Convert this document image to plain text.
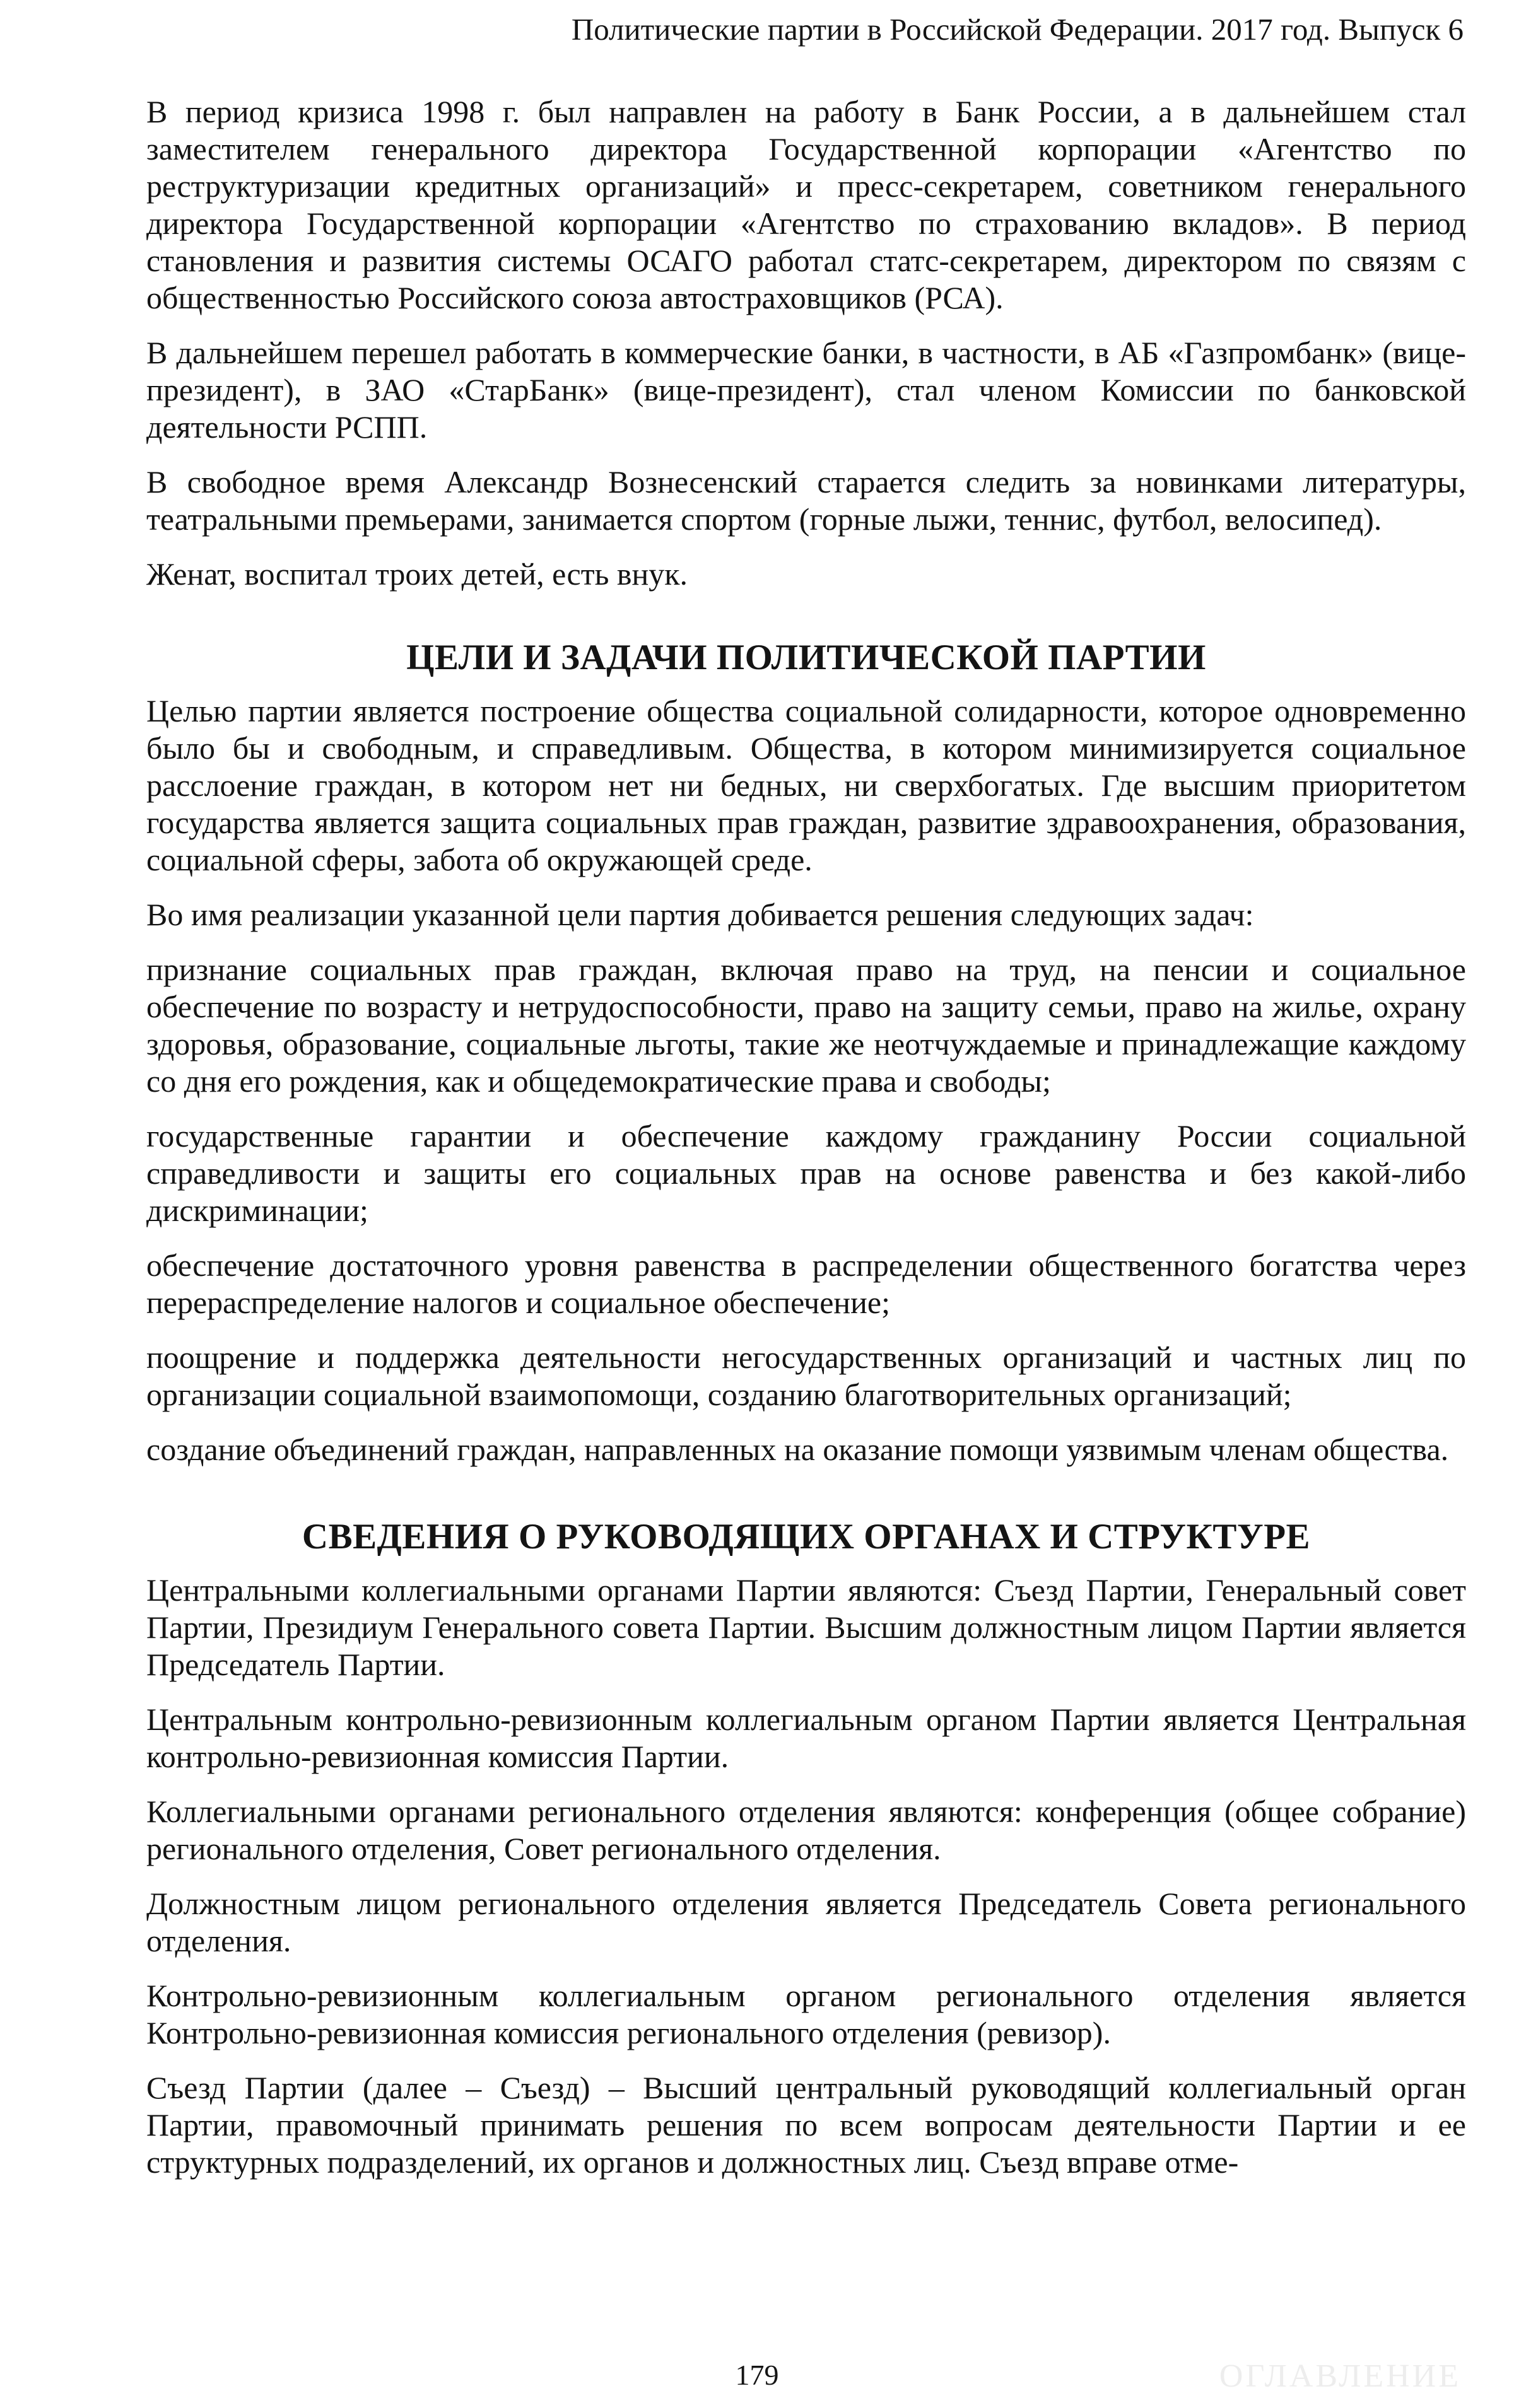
Политические партии в Российской Федерации. 2017 год. Выпуск 6

В период кризиса 1998 г. был направлен на работу в Банк России, а в дальнейшем стал заместителем генерального директора Государственной корпорации «Агентство по реструктуризации кредитных организаций» и пресс-секретарем, советником генерального директора Государственной корпорации «Агентство по страхованию вкладов». В период становления и развития системы ОСАГО работал статс-секретарем, директором по связям с общественностью Российского союза автостраховщиков (РСА).

В дальнейшем перешел работать в коммерческие банки, в частности, в АБ «Газпромбанк» (вице-президент), в ЗАО «СтарБанк» (вице-президент), стал членом Комиссии по банковской деятельности РСПП.

В свободное время Александр Вознесенский старается следить за новинками литературы, театральными премьерами, занимается спортом (горные лыжи, теннис, футбол, велосипед).

Женат, воспитал троих детей, есть внук.

ЦЕЛИ И ЗАДАЧИ ПОЛИТИЧЕСКОЙ ПАРТИИ

Целью партии является построение общества социальной солидарности, которое одновременно было бы и свободным, и справедливым. Общества, в котором минимизируется социальное расслоение граждан, в котором нет ни бедных, ни сверхбогатых. Где высшим приоритетом государства является защита социальных прав граждан, развитие здравоохранения, образования, социальной сферы, забота об окружающей среде.

Во имя реализации указанной цели партия добивается решения следующих задач:

признание социальных прав граждан, включая право на труд, на пенсии и социальное обеспечение по возрасту и нетрудоспособности, право на защиту семьи, право на жилье, охрану здоровья, образование, социальные льготы, такие же неотчуждаемые и принадлежащие каждому со дня его рождения, как и общедемократические права и свободы;

государственные гарантии и обеспечение каждому гражданину России социальной справедливости и защиты его социальных прав на основе равенства и без какой-либо дискриминации;

обеспечение достаточного уровня равенства в распределении общественного богатства через перераспределение налогов и социальное обеспечение;

поощрение и поддержка деятельности негосударственных организаций и частных лиц по организации социальной взаимопомощи, созданию благотворительных организаций;

создание объединений граждан, направленных на оказание помощи уязвимым членам общества.

СВЕДЕНИЯ О РУКОВОДЯЩИХ ОРГАНАХ И СТРУКТУРЕ

Центральными коллегиальными органами Партии являются: Съезд Партии, Генеральный совет Партии, Президиум Генерального совета Партии. Высшим должностным лицом Партии является Председатель Партии.

Центральным контрольно-ревизионным коллегиальным органом Партии является Центральная контрольно-ревизионная комиссия Партии.

Коллегиальными органами регионального отделения являются: конференция (общее собрание) регионального отделения, Совет регионального отделения.

Должностным лицом регионального отделения является Председатель Совета регионального отделения.

Контрольно-ревизионным коллегиальным органом регионального отделения является Контрольно-ревизионная комиссия регионального отделения (ревизор).

Съезд Партии (далее – Съезд) – Высший центральный руководящий коллегиальный орган Партии, правомочный принимать решения по всем вопросам деятельности Партии и ее структурных подразделений, их органов и должностных лиц. Съезд вправе отме-

179	ОГЛАВЛЕНИЕ
